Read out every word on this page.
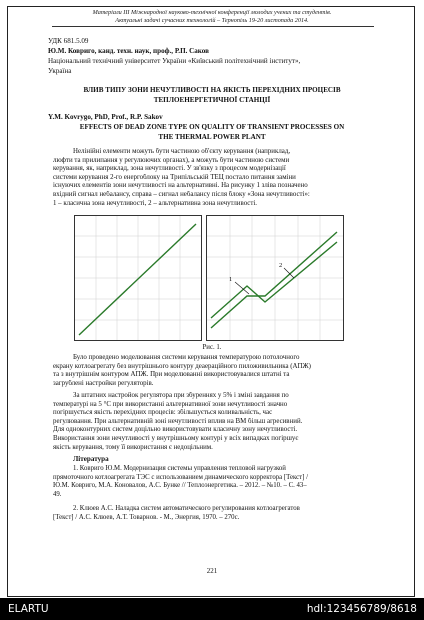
Матеріали ІІІ Міжнародної науково-технічної конференції молодих учених та студентів.
Актуальні задачі сучасних технологій – Тернопіль 19-20 листопада 2014.
УДК 681.5.09
Ю.М. Ковриго, канд. техн. наук, проф., Р.П. Саков
Національний технічний університет України «Київський політехнічний інститут»,
Україна
ВЛИВ ТИПУ ЗОНИ НЕЧУТЛИВОСТІ НА ЯКІСТЬ ПЕРЕХІДНИХ ПРОЦЕСІВ
ТЕПЛОЕНЕРГЕТИЧНОЇ СТАНЦІЇ
Y.M. Kovrygo, PhD, Prof., R.P. Sakov
EFFECTS OF DEAD ZONE TYPE ON QUALITY OF TRANSIENT PROCESSES ON
THE THERMAL POWER PLANT
Нелінійні елементи можуть бути частиною об'єкту керування (наприклад,
люфти та прилипання у регулюючих органах), а можуть бути частиною системи
керування, як, наприклад, зона нечутливості. У зв'язку з процесом модернізації
системи керування 2-го енергоблоку на Трипільській ТЕЦ постало питання заміни
існуючих елементів зони нечутливості на альтернативні. На рисунку 1 зліва позначено
вхідний сигнал небалансу, справа – сигнал небалансу після блоку «Зона нечутливості»:
1 – класична зона нечутливості, 2 – альтернативна зона нечутливості.
1
2
Рис. 1.
Було проведено моделювання системи керування температурою потолочного
екрану котлоагрегату без внутрішнього контуру деаераційного пиложивильника (АПЖ)
та з внутрішнім контуром АПЖ. При моделюванні використовувалися штатні та
загрублені настройки регуляторів.
За штатних настройок регулятора при збуреннях у 5% і зміні завдання по
температурі на 5 °С при використанні альтернативної зони нечутливості значно
погіршується якість перехідних процесів: збільшується коливальність, час
регулювання. При альтернативній зоні нечутливості вплив на ВМ більш агресивний.
Для одноконтурних систем доцільно використовувати класичну зону нечутливості.
Використання зони нечутливості у внутрішньому контурі у всіх випадках погіршує
якість керування, тому її використання є недоцільним.
Література
1. Ковриго Ю.М. Модернизация системы управления тепловой нагрузкой
прямоточного котлоагрегата ТЭС с использованием динамического корректора [Текст] /
Ю.М. Ковриго, М.А. Коновалов, А.С. Бунке // Теплоэнергетика. – 2012. – №10. – С. 43–
49.
2. Клюев А.С. Наладка систем автоматического регулирования котлоагрегатов
[Текст] / А.С. Клюев, А.Т. Товарнов. - М., Энергия, 1970. – 270с.
221
ELARTU	hdl:123456789/8618
